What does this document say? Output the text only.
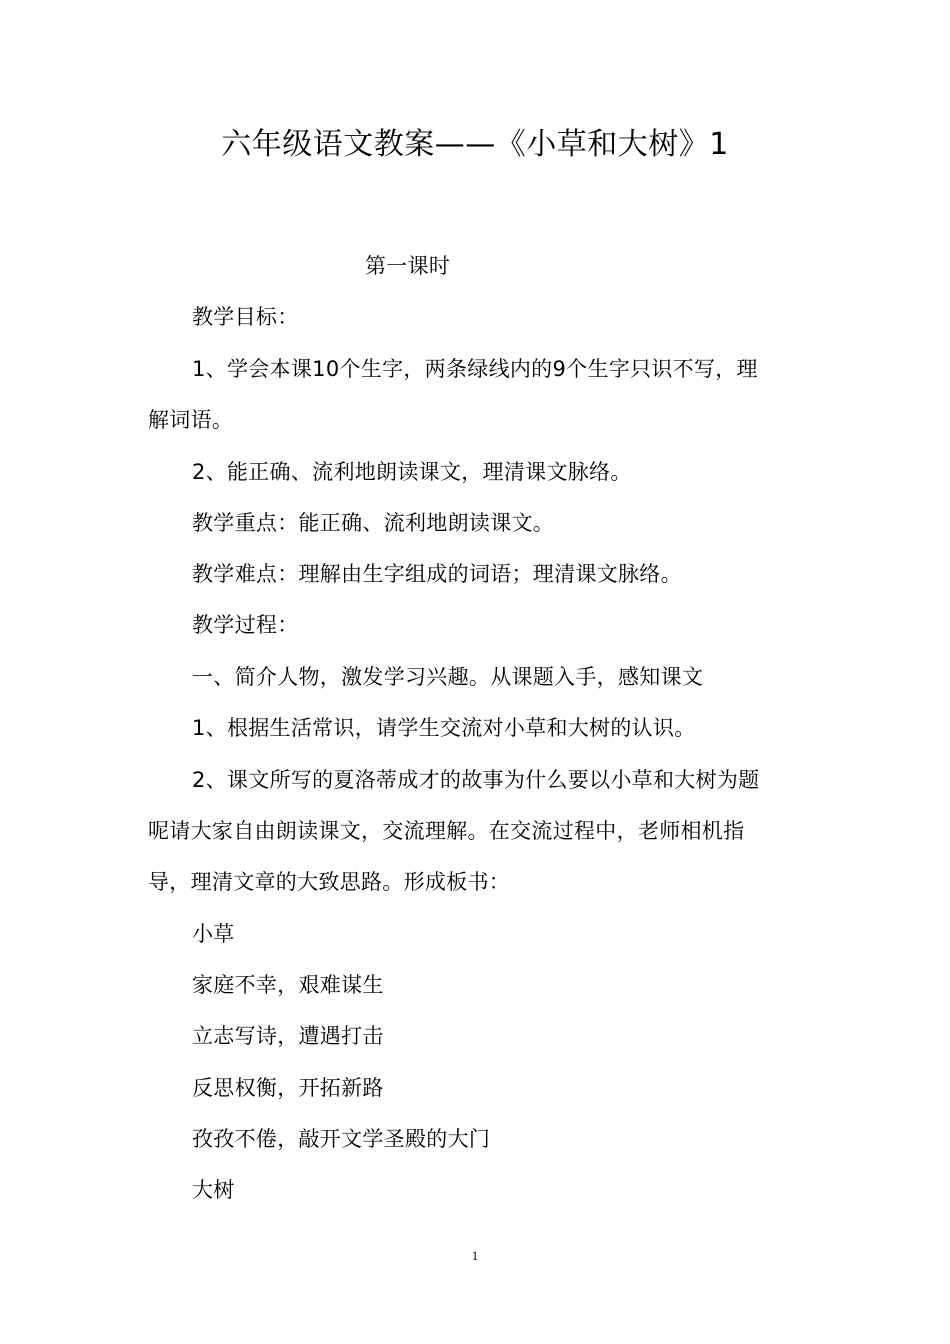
六年级语文教案——《小草和大树》1
第一课时
教学目标：
1、学会本课10个生字，两条绿线内的9个生字只识不写，理
解词语。
2、能正确、流利地朗读课文，理清课文脉络。
教学重点：能正确、流利地朗读课文。
教学难点：理解由生字组成的词语；理清课文脉络。
教学过程：
一、简介人物，激发学习兴趣。从课题入手，感知课文
1、根据生活常识，请学生交流对小草和大树的认识。
2、课文所写的夏洛蒂成才的故事为什么要以小草和大树为题
呢请大家自由朗读课文，交流理解。在交流过程中，老师相机指
导，理清文章的大致思路。形成板书：
小草
家庭不幸，艰难谋生
立志写诗，遭遇打击
反思权衡，开拓新路
孜孜不倦，敲开文学圣殿的大门
大树
1
